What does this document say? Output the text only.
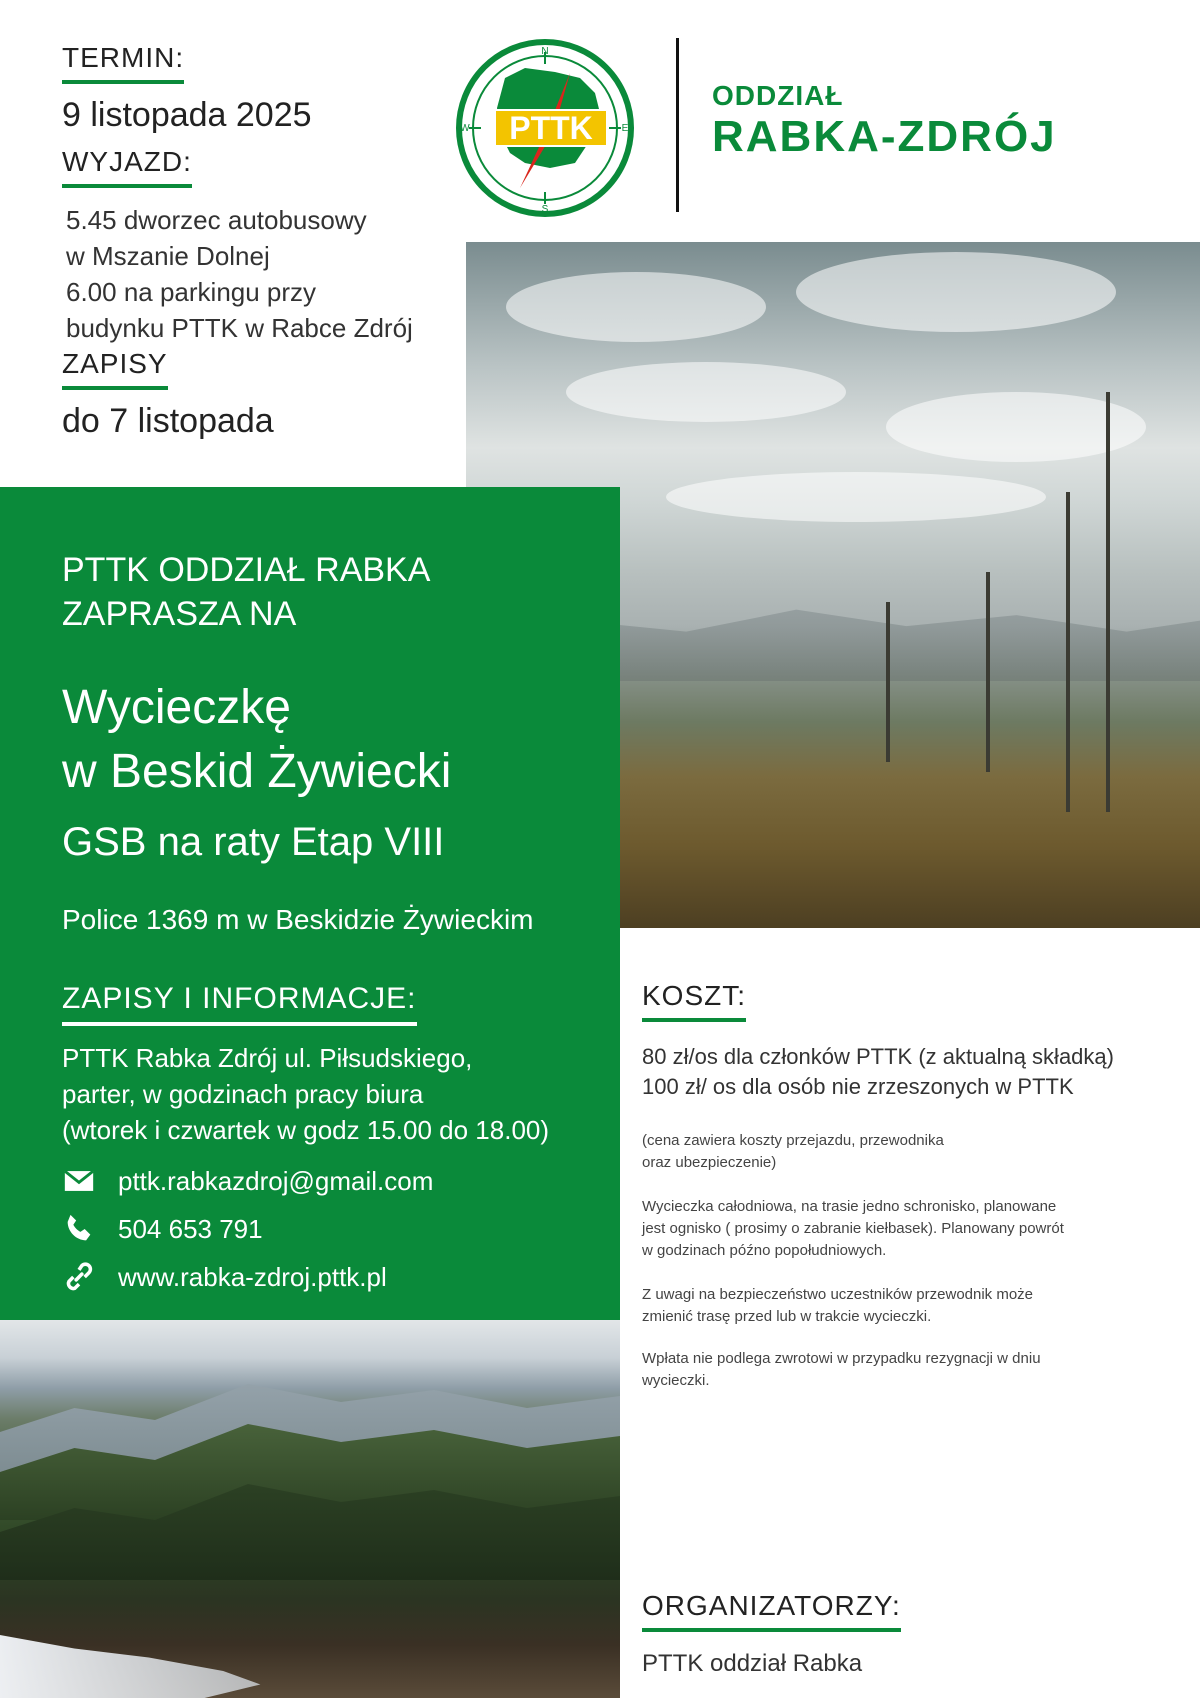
TERMIN:
9 listopada 2025
WYJAZD:
5.45 dworzec autobusowy
w Mszanie Dolnej
6.00 na parkingu przy
budynku PTTK w Rabce Zdrój
ZAPISY
do 7 listopada
PTTK
N
S
W	E
ODDZIAŁ
RABKA-ZDRÓJ
PTTK ODDZIAŁ RABKA
ZAPRASZA NA
Wycieczkę
w Beskid Żywiecki
GSB na raty Etap VIII
Police 1369 m w Beskidzie Żywieckim
ZAPISY I INFORMACJE:
PTTK Rabka Zdrój ul. Piłsudskiego,
parter, w godzinach pracy biura
(wtorek i czwartek w godz 15.00 do 18.00)
pttk.rabkazdroj@gmail.com
504 653 791
www.rabka-zdroj.pttk.pl
KOSZT:
80 zł/os dla członków PTTK (z aktualną składką)
100 zł/ os dla osób nie zrzeszonych w PTTK
(cena zawiera koszty przejazdu, przewodnika
oraz ubezpieczenie)
Wycieczka całodniowa, na trasie jedno schronisko, planowane
jest ognisko ( prosimy o zabranie kiełbasek). Planowany powrót
w godzinach późno popołudniowych.
Z uwagi na bezpieczeństwo uczestników przewodnik może
zmienić trasę przed lub w trakcie wycieczki.
Wpłata nie podlega zwrotowi w przypadku rezygnacji w dniu
wycieczki.
ORGANIZATORZY:
PTTK oddział Rabka
